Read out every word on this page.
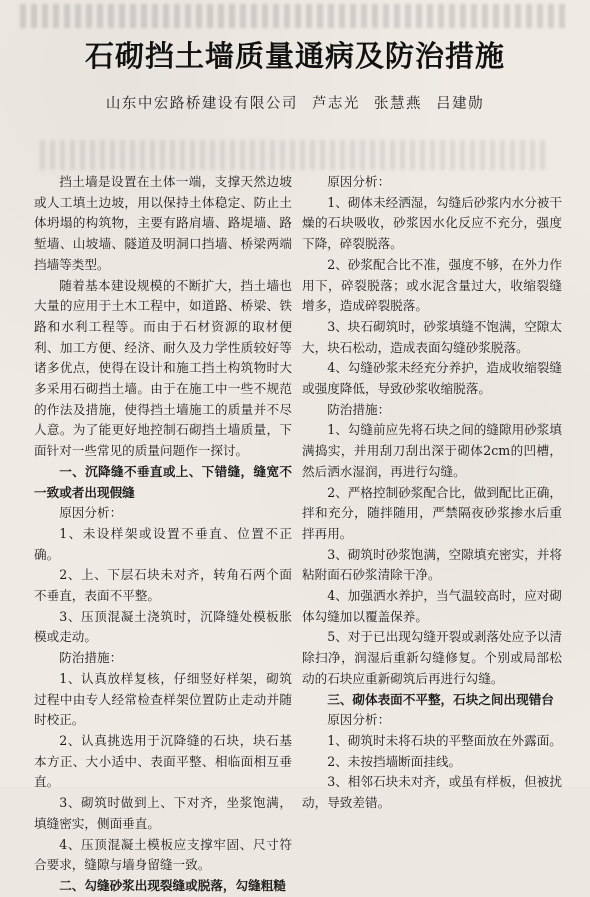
石砌挡土墙质量通病及防治措施
山东中宏路桥建设有限公司 芦志光 张慧燕 吕建勋

挡土墙是设置在土体一端，支撑天然边坡或人工填土边坡，用以保持土体稳定、防止土体坍塌的构筑物，主要有路肩墙、路堤墙、路堑墙、山坡墙、隧道及明洞口挡墙、桥梁两端挡墙等类型。

随着基本建设规模的不断扩大，挡土墙也大量的应用于土木工程中，如道路、桥梁、铁路和水利工程等。而由于石材资源的取材便利、加工方便、经济、耐久及力学性质较好等诸多优点，使得在设计和施工挡土构筑物时大多采用石砌挡土墙。由于在施工中一些不规范的作法及措施，使得挡土墙施工的质量并不尽人意。为了能更好地控制石砌挡土墙质量，下面针对一些常见的质量问题作一探讨。

一、沉降缝不垂直或上、下错缝，缝宽不一致或者出现假缝

原因分析：

1、未设样架或设置不垂直、位置不正确。

2、上、下层石块未对齐，转角石两个面不垂直，表面不平整。

3、压顶混凝土浇筑时，沉降缝处模板胀模或走动。

防治措施：

1、认真放样复核，仔细竖好样架，砌筑过程中由专人经常检查样架位置防止走动并随时校正。

2、认真挑选用于沉降缝的石块，块石基本方正、大小适中、表面平整、相临面相互垂直。

3、砌筑时做到上、下对齐，坐浆饱满，填缝密实，侧面垂直。

4、压顶混凝土模板应支撑牢固、尺寸符合要求，缝隙与墙身留缝一致。

二、勾缝砂浆出现裂缝或脱落，勾缝粗糙

原因分析：

1、砌体未经洒湿，勾缝后砂浆内水分被干燥的石块吸收，砂浆因水化反应不充分，强度下降，碎裂脱落。

2、砂浆配合比不准，强度不够，在外力作用下，碎裂脱落；或水泥含量过大，收缩裂缝增多，造成碎裂脱落。

3、块石砌筑时，砂浆填缝不饱满，空隙太大，块石松动，造成表面勾缝砂浆脱落。

4、勾缝砂浆未经充分养护，造成收缩裂缝或强度降低，导致砂浆收缩脱落。

防治措施：

1、勾缝前应先将石块之间的缝隙用砂浆填满捣实，并用刮刀刮出深于砌体2cm的凹槽，然后洒水湿润，再进行勾缝。

2、严格控制砂浆配合比，做到配比正确，拌和充分，随拌随用，严禁隔夜砂浆掺水后重拌再用。

3、砌筑时砂浆饱满，空隙填充密实，并将粘附面石砂浆清除干净。

4、加强洒水养护，当气温较高时，应对砌体勾缝加以覆盖保养。

5、对于已出现勾缝开裂或剥落处应予以清除扫净，润湿后重新勾缝修复。个别或局部松动的石块应重新砌筑后再进行勾缝。

三、砌体表面不平整，石块之间出现错台

原因分析：

1、砌筑时未将石块的平整面放在外露面。

2、未按挡墙断面挂线。

3、相邻石块未对齐，或虽有样板，但被扰动，导致差错。
